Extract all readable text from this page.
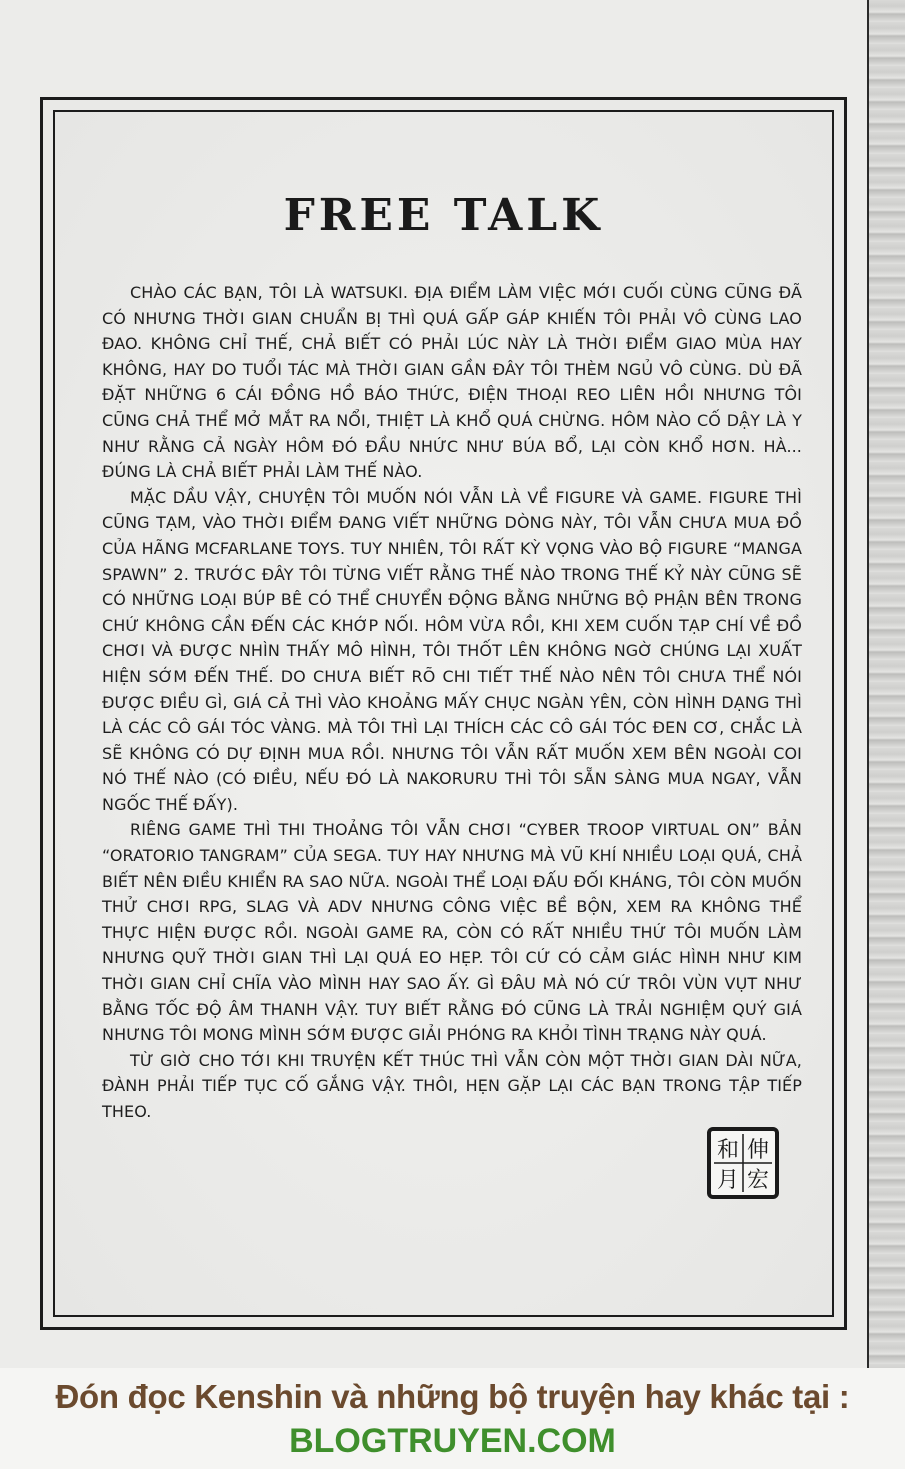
FREE TALK

CHÀO CÁC BẠN, TÔI LÀ WATSUKI. ĐỊA ĐIỂM LÀM VIỆC MỚI CUỐI CÙNG CŨNG ĐÃ CÓ NHƯNG THỜI GIAN CHUẨN BỊ THÌ QUÁ GẤP GÁP KHIẾN TÔI PHẢI VÔ CÙNG LAO ĐAO. KHÔNG CHỈ THẾ, CHẢ BIẾT CÓ PHẢI LÚC NÀY LÀ THỜI ĐIỂM GIAO MÙA HAY KHÔNG, HAY DO TUỔI TÁC MÀ THỜI GIAN GẦN ĐÂY TÔI THÈM NGỦ VÔ CÙNG. DÙ ĐÃ ĐẶT NHỮNG 6 CÁI ĐỒNG HỒ BÁO THỨC, ĐIỆN THOẠI REO LIÊN HỒI NHƯNG TÔI CŨNG CHẢ THỂ MỞ MẮT RA NỔI, THIỆT LÀ KHỔ QUÁ CHỪNG. HÔM NÀO CỐ DẬY LÀ Y NHƯ RẰNG CẢ NGÀY HÔM ĐÓ ĐẦU NHỨC NHƯ BÚA BỔ, LẠI CÒN KHỔ HƠN. HÀ... ĐÚNG LÀ CHẢ BIẾT PHẢI LÀM THẾ NÀO.

MẶC DẦU VẬY, CHUYỆN TÔI MUỐN NÓI VẪN LÀ VỀ FIGURE VÀ GAME. FIGURE THÌ CŨNG TẠM, VÀO THỜI ĐIỂM ĐANG VIẾT NHỮNG DÒNG NÀY, TÔI VẪN CHƯA MUA ĐỒ CỦA HÃNG MCFARLANE TOYS. TUY NHIÊN, TÔI RẤT KỲ VỌNG VÀO BỘ FIGURE “MANGA SPAWN” 2. TRƯỚC ĐÂY TÔI TỪNG VIẾT RẰNG THẾ NÀO TRONG THẾ KỶ NÀY CŨNG SẼ CÓ NHỮNG LOẠI BÚP BÊ CÓ THỂ CHUYỂN ĐỘNG BẰNG NHỮNG BỘ PHẬN BÊN TRONG CHỨ KHÔNG CẦN ĐẾN CÁC KHỚP NỐI. HÔM VỪA RỒI, KHI XEM CUỐN TẠP CHÍ VỀ ĐỒ CHƠI VÀ ĐƯỢC NHÌN THẤY MÔ HÌNH, TÔI THỐT LÊN KHÔNG NGỜ CHÚNG LẠI XUẤT HIỆN SỚM ĐẾN THẾ. DO CHƯA BIẾT RÕ CHI TIẾT THẾ NÀO NÊN TÔI CHƯA THỂ NÓI ĐƯỢC ĐIỀU GÌ, GIÁ CẢ THÌ VÀO KHOẢNG MẤY CHỤC NGÀN YÊN, CÒN HÌNH DẠNG THÌ LÀ CÁC CÔ GÁI TÓC VÀNG. MÀ TÔI THÌ LẠI THÍCH CÁC CÔ GÁI TÓC ĐEN CƠ, CHẮC LÀ SẼ KHÔNG CÓ DỰ ĐỊNH MUA RỒI. NHƯNG TÔI VẪN RẤT MUỐN XEM BÊN NGOÀI COI NÓ THẾ NÀO (CÓ ĐIỀU, NẾU ĐÓ LÀ NAKORURU THÌ TÔI SẴN SÀNG MUA NGAY, VẪN NGỐC THẾ ĐẤY).

RIÊNG GAME THÌ THI THOẢNG TÔI VẪN CHƠI “CYBER TROOP VIRTUAL ON” BẢN “ORATORIO TANGRAM” CỦA SEGA. TUY HAY NHƯNG MÀ VŨ KHÍ NHIỀU LOẠI QUÁ, CHẢ BIẾT NÊN ĐIỀU KHIỂN RA SAO NỮA. NGOÀI THỂ LOẠI ĐẤU ĐỐI KHÁNG, TÔI CÒN MUỐN THỬ CHƠI RPG, SLAG VÀ ADV NHƯNG CÔNG VIỆC BỀ BỘN, XEM RA KHÔNG THỂ THỰC HIỆN ĐƯỢC RỒI. NGOÀI GAME RA, CÒN CÓ RẤT NHIỀU THỨ TÔI MUỐN LÀM NHƯNG QUỸ THỜI GIAN THÌ LẠI QUÁ EO HẸP. TÔI CỨ CÓ CẢM GIÁC HÌNH NHƯ KIM THỜI GIAN CHỈ CHĨA VÀO MÌNH HAY SAO ẤY. GÌ ĐÂU MÀ NÓ CỨ TRÔI VÙN VỤT NHƯ BẰNG TỐC ĐỘ ÂM THANH VẬY. TUY BIẾT RẰNG ĐÓ CŨNG LÀ TRẢI NGHIỆM QUÝ GIÁ NHƯNG TÔI MONG MÌNH SỚM ĐƯỢC GIẢI PHÓNG RA KHỎI TÌNH TRẠNG NÀY QUÁ.

TỪ GIỜ CHO TỚI KHI TRUYỆN KẾT THÚC THÌ VẪN CÒN MỘT THỜI GIAN DÀI NỮA, ĐÀNH PHẢI TIẾP TỤC CỐ GẮNG VẬY. THÔI, HẸN GẶP LẠI CÁC BẠN TRONG TẬP TIẾP THEO.

伸
宏
和
月
Đón đọc Kenshin và những bộ truyện hay khác tại :
BLOGTRUYEN.COM
